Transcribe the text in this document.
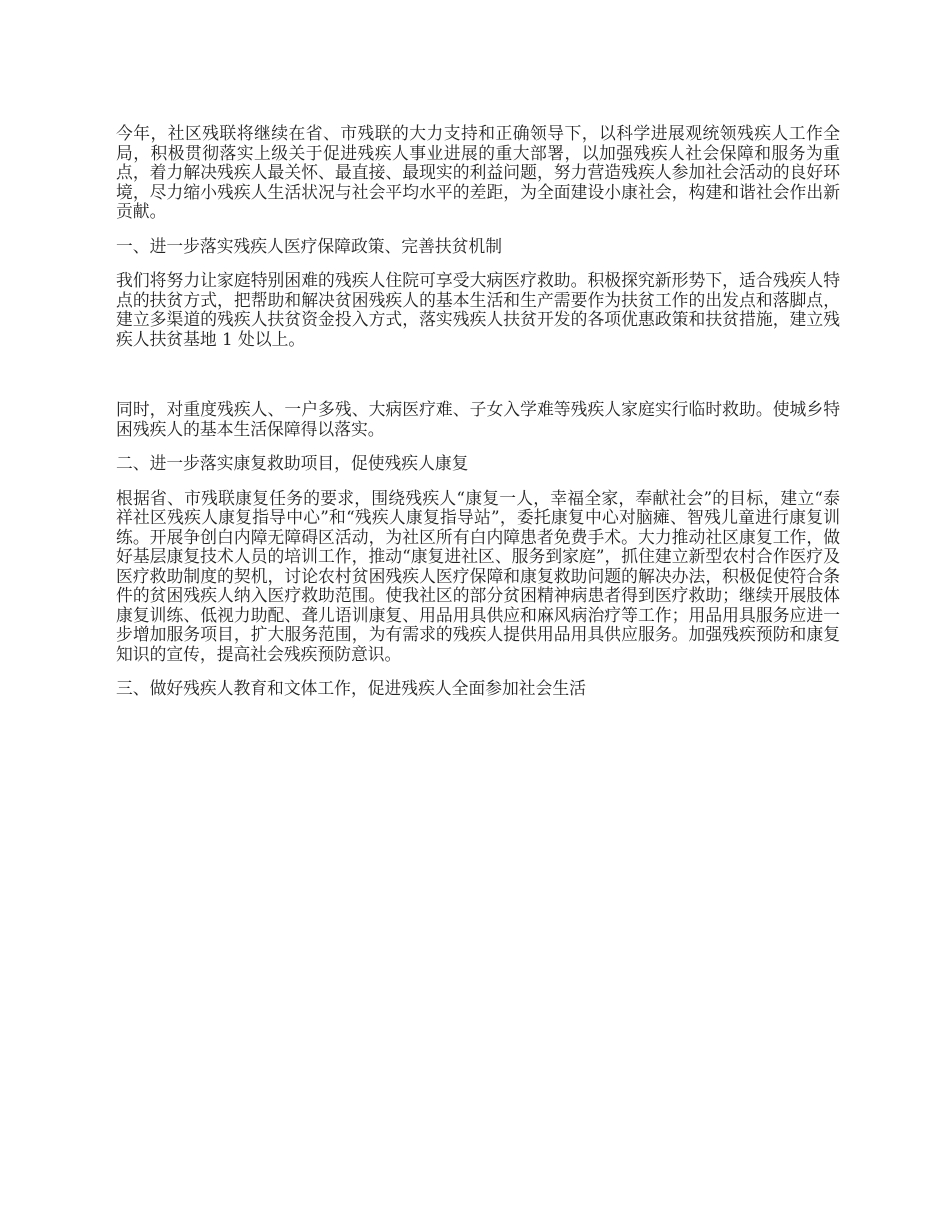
今年，社区残联将继续在省、市残联的大力支持和正确领导下，以科学进展观统领残疾人工作全局，积极贯彻落实上级关于促进残疾人事业进展的重大部署，以加强残疾人社会保障和服务为重点，着力解决残疾人最关怀、最直接、最现实的利益问题，努力营造残疾人参加社会活动的良好环境，尽力缩小残疾人生活状况与社会平均水平的差距，为全面建设小康社会，构建和谐社会作出新贡献。

一、进一步落实残疾人医疗保障政策、完善扶贫机制

我们将努力让家庭特别困难的残疾人住院可享受大病医疗救助。积极探究新形势下，适合残疾人特点的扶贫方式，把帮助和解决贫困残疾人的基本生活和生产需要作为扶贫工作的出发点和落脚点，建立多渠道的残疾人扶贫资金投入方式，落实残疾人扶贫开发的各项优惠政策和扶贫措施，建立残疾人扶贫基地 1 处以上。

同时，对重度残疾人、一户多残、大病医疗难、子女入学难等残疾人家庭实行临时救助。使城乡特困残疾人的基本生活保障得以落实。

二、进一步落实康复救助项目，促使残疾人康复

根据省、市残联康复任务的要求，围绕残疾人“康复一人，幸福全家，奉献社会”的目标，建立“泰祥社区残疾人康复指导中心”和“残疾人康复指导站”，委托康复中心对脑瘫、智残儿童进行康复训练。开展争创白内障无障碍区活动，为社区所有白内障患者免费手术。大力推动社区康复工作，做好基层康复技术人员的培训工作，推动“康复进社区、服务到家庭”，抓住建立新型农村合作医疗及医疗救助制度的契机，讨论农村贫困残疾人医疗保障和康复救助问题的解决办法，积极促使符合条件的贫困残疾人纳入医疗救助范围。使我社区的部分贫困精神病患者得到医疗救助；继续开展肢体康复训练、低视力助配、聋儿语训康复、用品用具供应和麻风病治疗等工作；用品用具服务应进一步增加服务项目，扩大服务范围，为有需求的残疾人提供用品用具供应服务。加强残疾预防和康复知识的宣传，提高社会残疾预防意识。

三、做好残疾人教育和文体工作，促进残疾人全面参加社会生活
